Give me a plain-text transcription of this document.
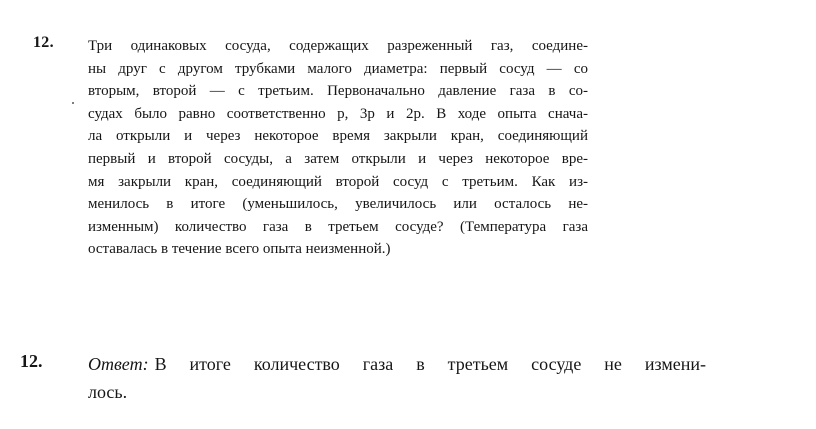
12. Три одинаковых сосуда, содержащих разреженный газ, соедине-
ны друг с другом трубками малого диаметра: первый сосуд — со
вторым, второй — с третьим. Первоначально давление газа в со-
судах было равно соответственно p, 3p и 2p. В ходе опыта снача-
ла открыли и через некоторое время закрыли кран, соединяющий
первый и второй сосуды, а затем открыли и через некоторое вре-
мя закрыли кран, соединяющий второй сосуд с третьим. Как из-
менилось в итоге (уменьшилось, увеличилось или осталось не-
изменным) количество газа в третьем сосуде? (Температура газа
оставалась в течение всего опыта неизменной.)
12.	Ответ: В итоге количество газа в третьем сосуде не измени-
лось.
